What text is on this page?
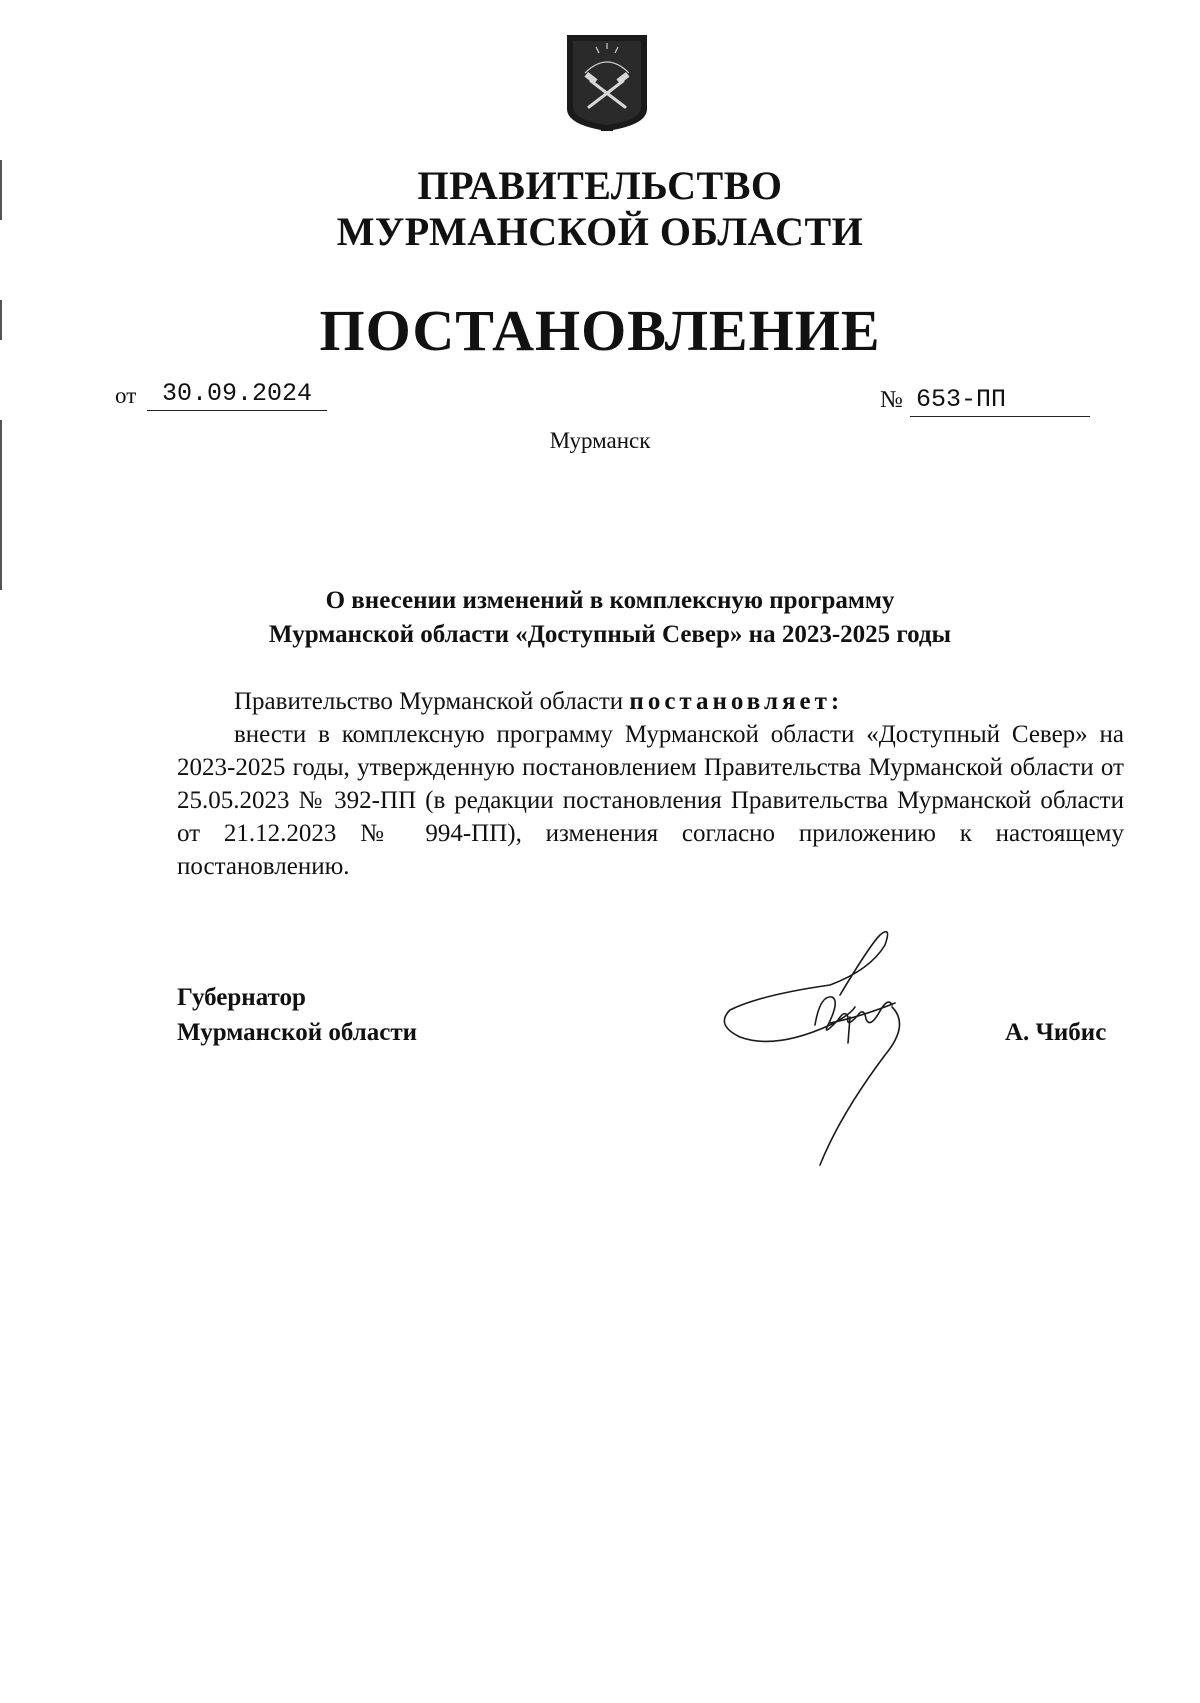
ПРАВИТЕЛЬСТВО
МУРМАНСКОЙ ОБЛАСТИ
ПОСТАНОВЛЕНИЕ
от	30.09.2024	№ 653-ПП
Мурманск
О внесении изменений в комплексную программу
Мурманской области «Доступный Север» на 2023-2025 годы
Правительство Мурманской области постановляет:
внести в комплексную программу Мурманской области «Доступный Север» на 2023-2025 годы, утвержденную постановлением Правительства Мурманской области от 25.05.2023 № 392-ПП (в редакции постановления Правительства Мурманской области от 21.12.2023 № 994-ПП), изменения согласно приложению к настоящему постановлению.
Губернатор
Мурманской области	А. Чибис
